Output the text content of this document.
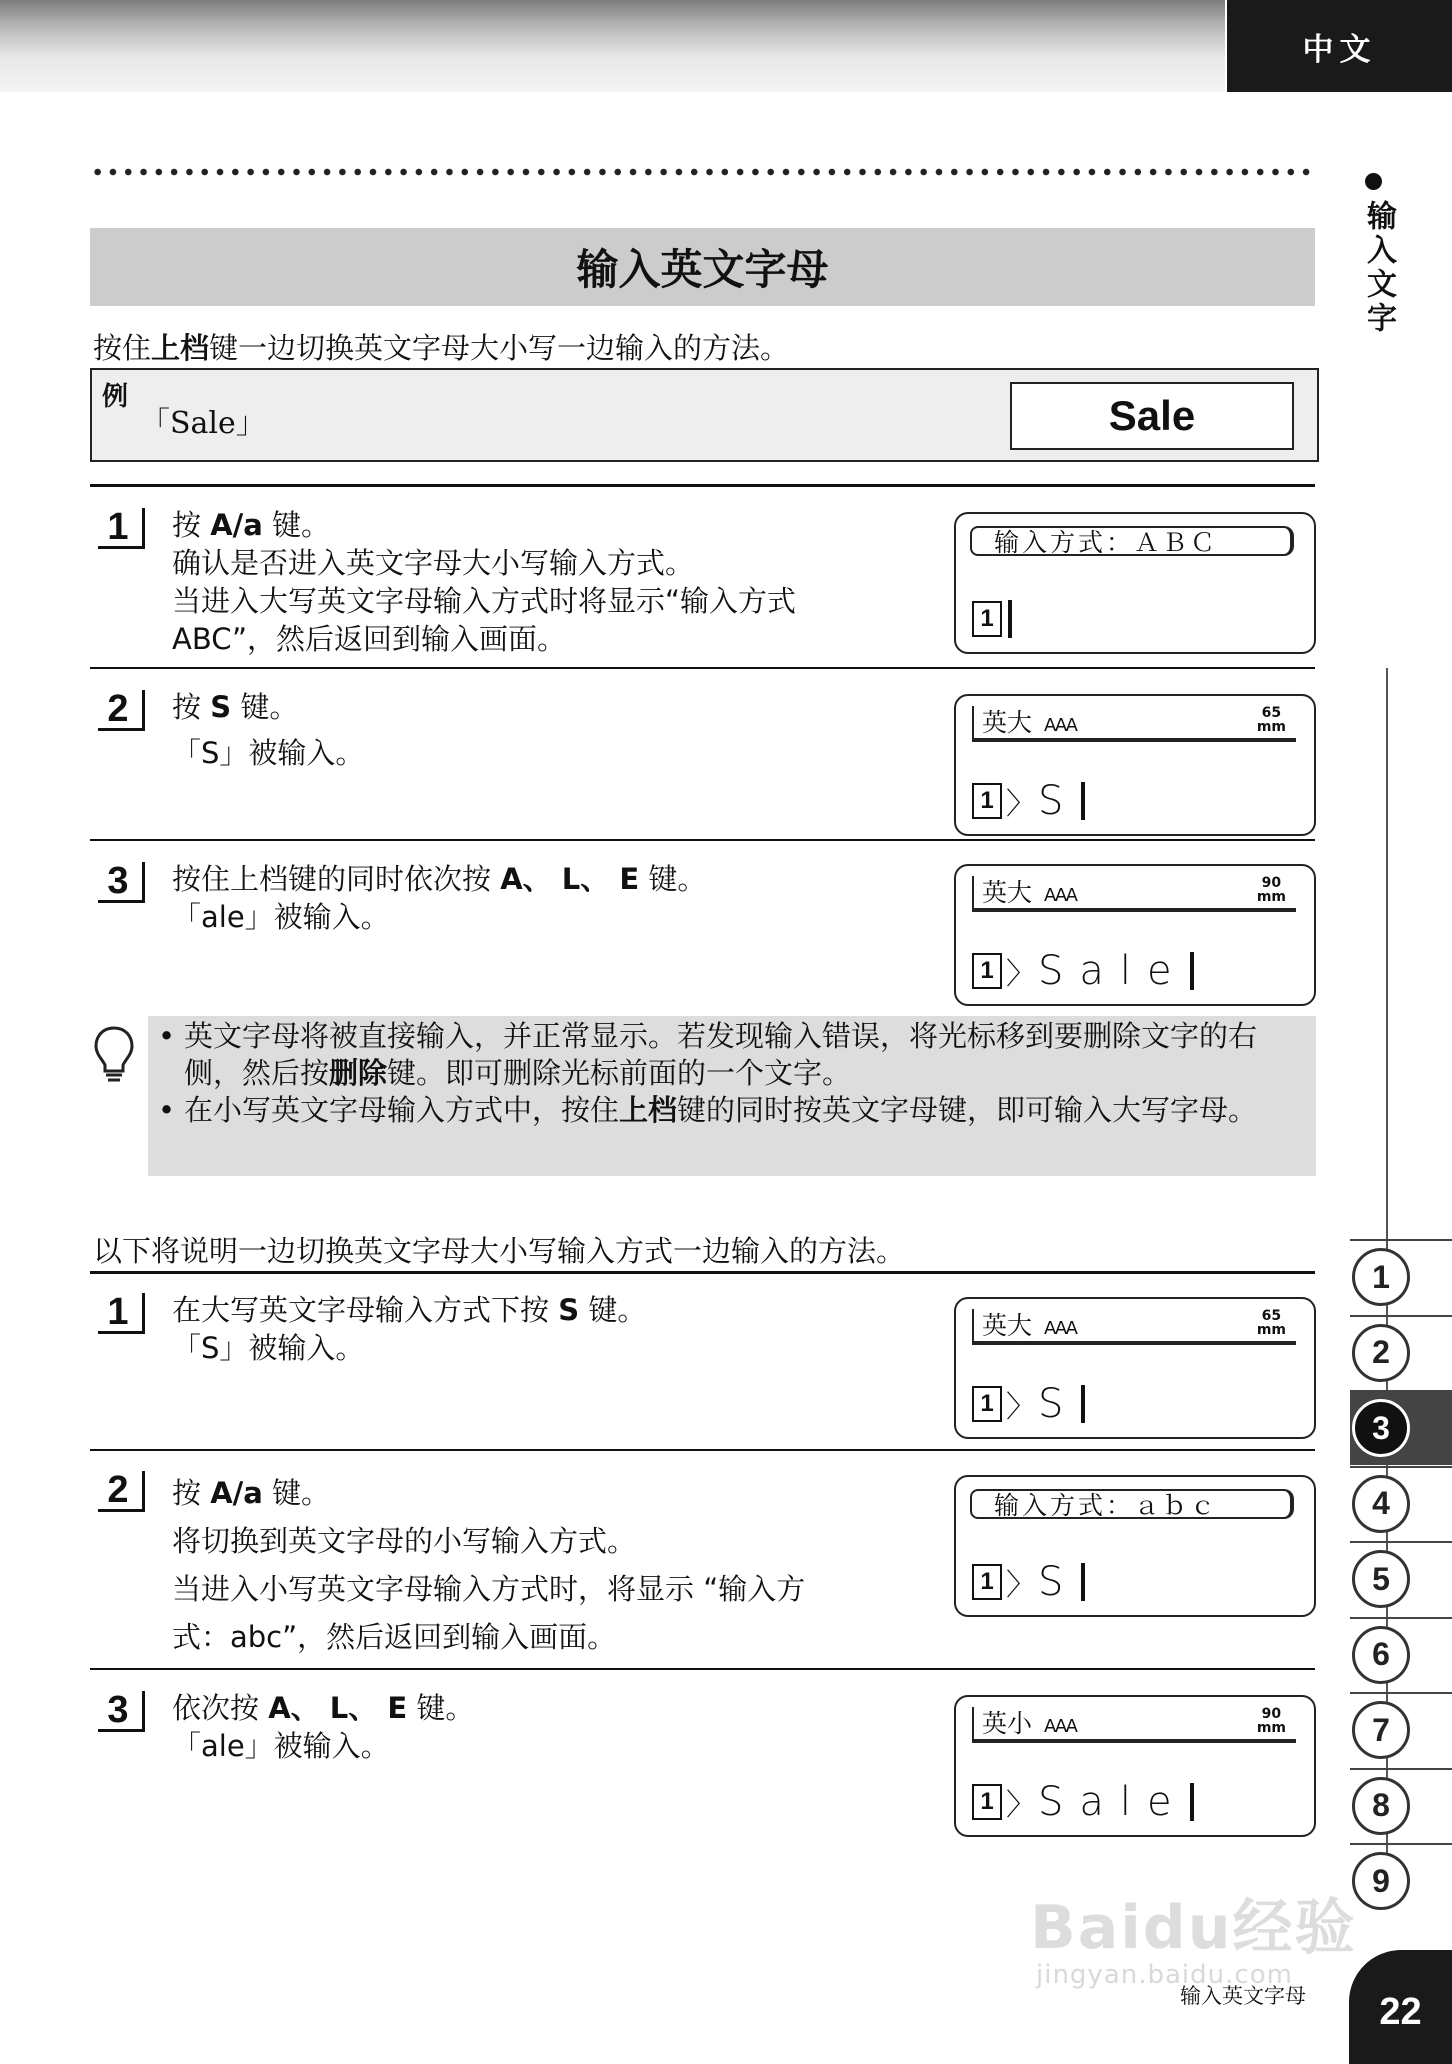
中文
输入文字
输入英文字母
按住上档键一边切换英文字母大小写一边输入的方法。
例
「Sale」	Sale
1	按 A/a 键。
确认是否进入英文字母大小写输入方式。
当进入大写英文字母输入方式时将显示“输入方式
ABC”，然后返回到输入画面。
输入方式：ＡＢＣ
1
2	按 S 键。
「S」被输入。
英大 AAA
65
mm
1 〉 S
3	按住上档键的同时依次按 A、 L、 E 键。
「ale」被输入。
英大 AAA
90
mm
1 〉 Sale
• 英文字母将被直接输入，并正常显示。若发现输入错误，将光标移到要删除文字的右侧，然后按删除键。即可删除光标前面的一个文字。
• 在小写英文字母输入方式中，按住上档键的同时按英文字母键，即可输入大写字母。
以下将说明一边切换英文字母大小写输入方式一边输入的方法。
1	在大写英文字母输入方式下按 S 键。
「S」被输入。
英大 AAA
65
mm
1 〉 S
2	按 A/a 键。
将切换到英文字母的小写输入方式。
当进入小写英文字母输入方式时，将显示 “输入方
式：abc”，然后返回到输入画面。
输入方式：ａｂｃ
1 〉 S
3	依次按 A、 L、 E 键。
「ale」被输入。
英小 AAA
90
mm
1 〉 Sale
1
2
3
4
5
6
7
8
9
Baidu经验
jingyan.baidu.com
输入英文字母	22
